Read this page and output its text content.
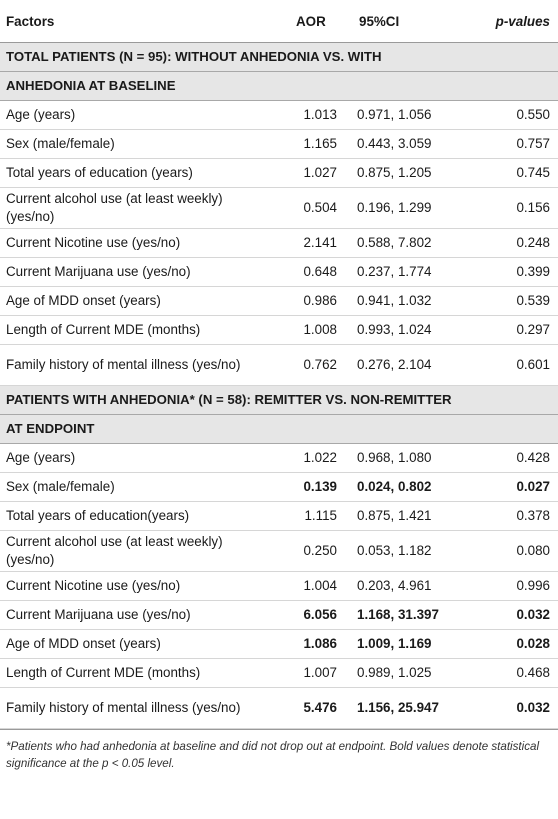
Factors	AOR	95%CI	p-values
TOTAL PATIENTS (N = 95): WITHOUT ANHEDONIA VS. WITH			
ANHEDONIA AT BASELINE			
Age (years)	1.013	0.971, 1.056	0.550
Sex (male/female)	1.165	0.443, 3.059	0.757
Total years of education (years)	1.027	0.875, 1.205	0.745
Current alcohol use (at least weekly) (yes/no)	0.504	0.196, 1.299	0.156
Current Nicotine use (yes/no)	2.141	0.588, 7.802	0.248
Current Marijuana use (yes/no)	0.648	0.237, 1.774	0.399
Age of MDD onset (years)	0.986	0.941, 1.032	0.539
Length of Current MDE (months)	1.008	0.993, 1.024	0.297
Family history of mental illness (yes/no)	0.762	0.276, 2.104	0.601
PATIENTS WITH ANHEDONIA* (N = 58): REMITTER VS. NON-REMITTER			
AT ENDPOINT			
Age (years)	1.022	0.968, 1.080	0.428
Sex (male/female)	0.139	0.024, 0.802	0.027
Total years of education(years)	1.115	0.875, 1.421	0.378
Current alcohol use (at least weekly) (yes/no)	0.250	0.053, 1.182	0.080
Current Nicotine use (yes/no)	1.004	0.203, 4.961	0.996
Current Marijuana use (yes/no)	6.056	1.168, 31.397	0.032
Age of MDD onset (years)	1.086	1.009, 1.169	0.028
Length of Current MDE (months)	1.007	0.989, 1.025	0.468
Family history of mental illness (yes/no)	5.476	1.156, 25.947	0.032
*Patients who had anhedonia at baseline and did not drop out at endpoint. Bold values denote statistical significance at the p < 0.05 level.
